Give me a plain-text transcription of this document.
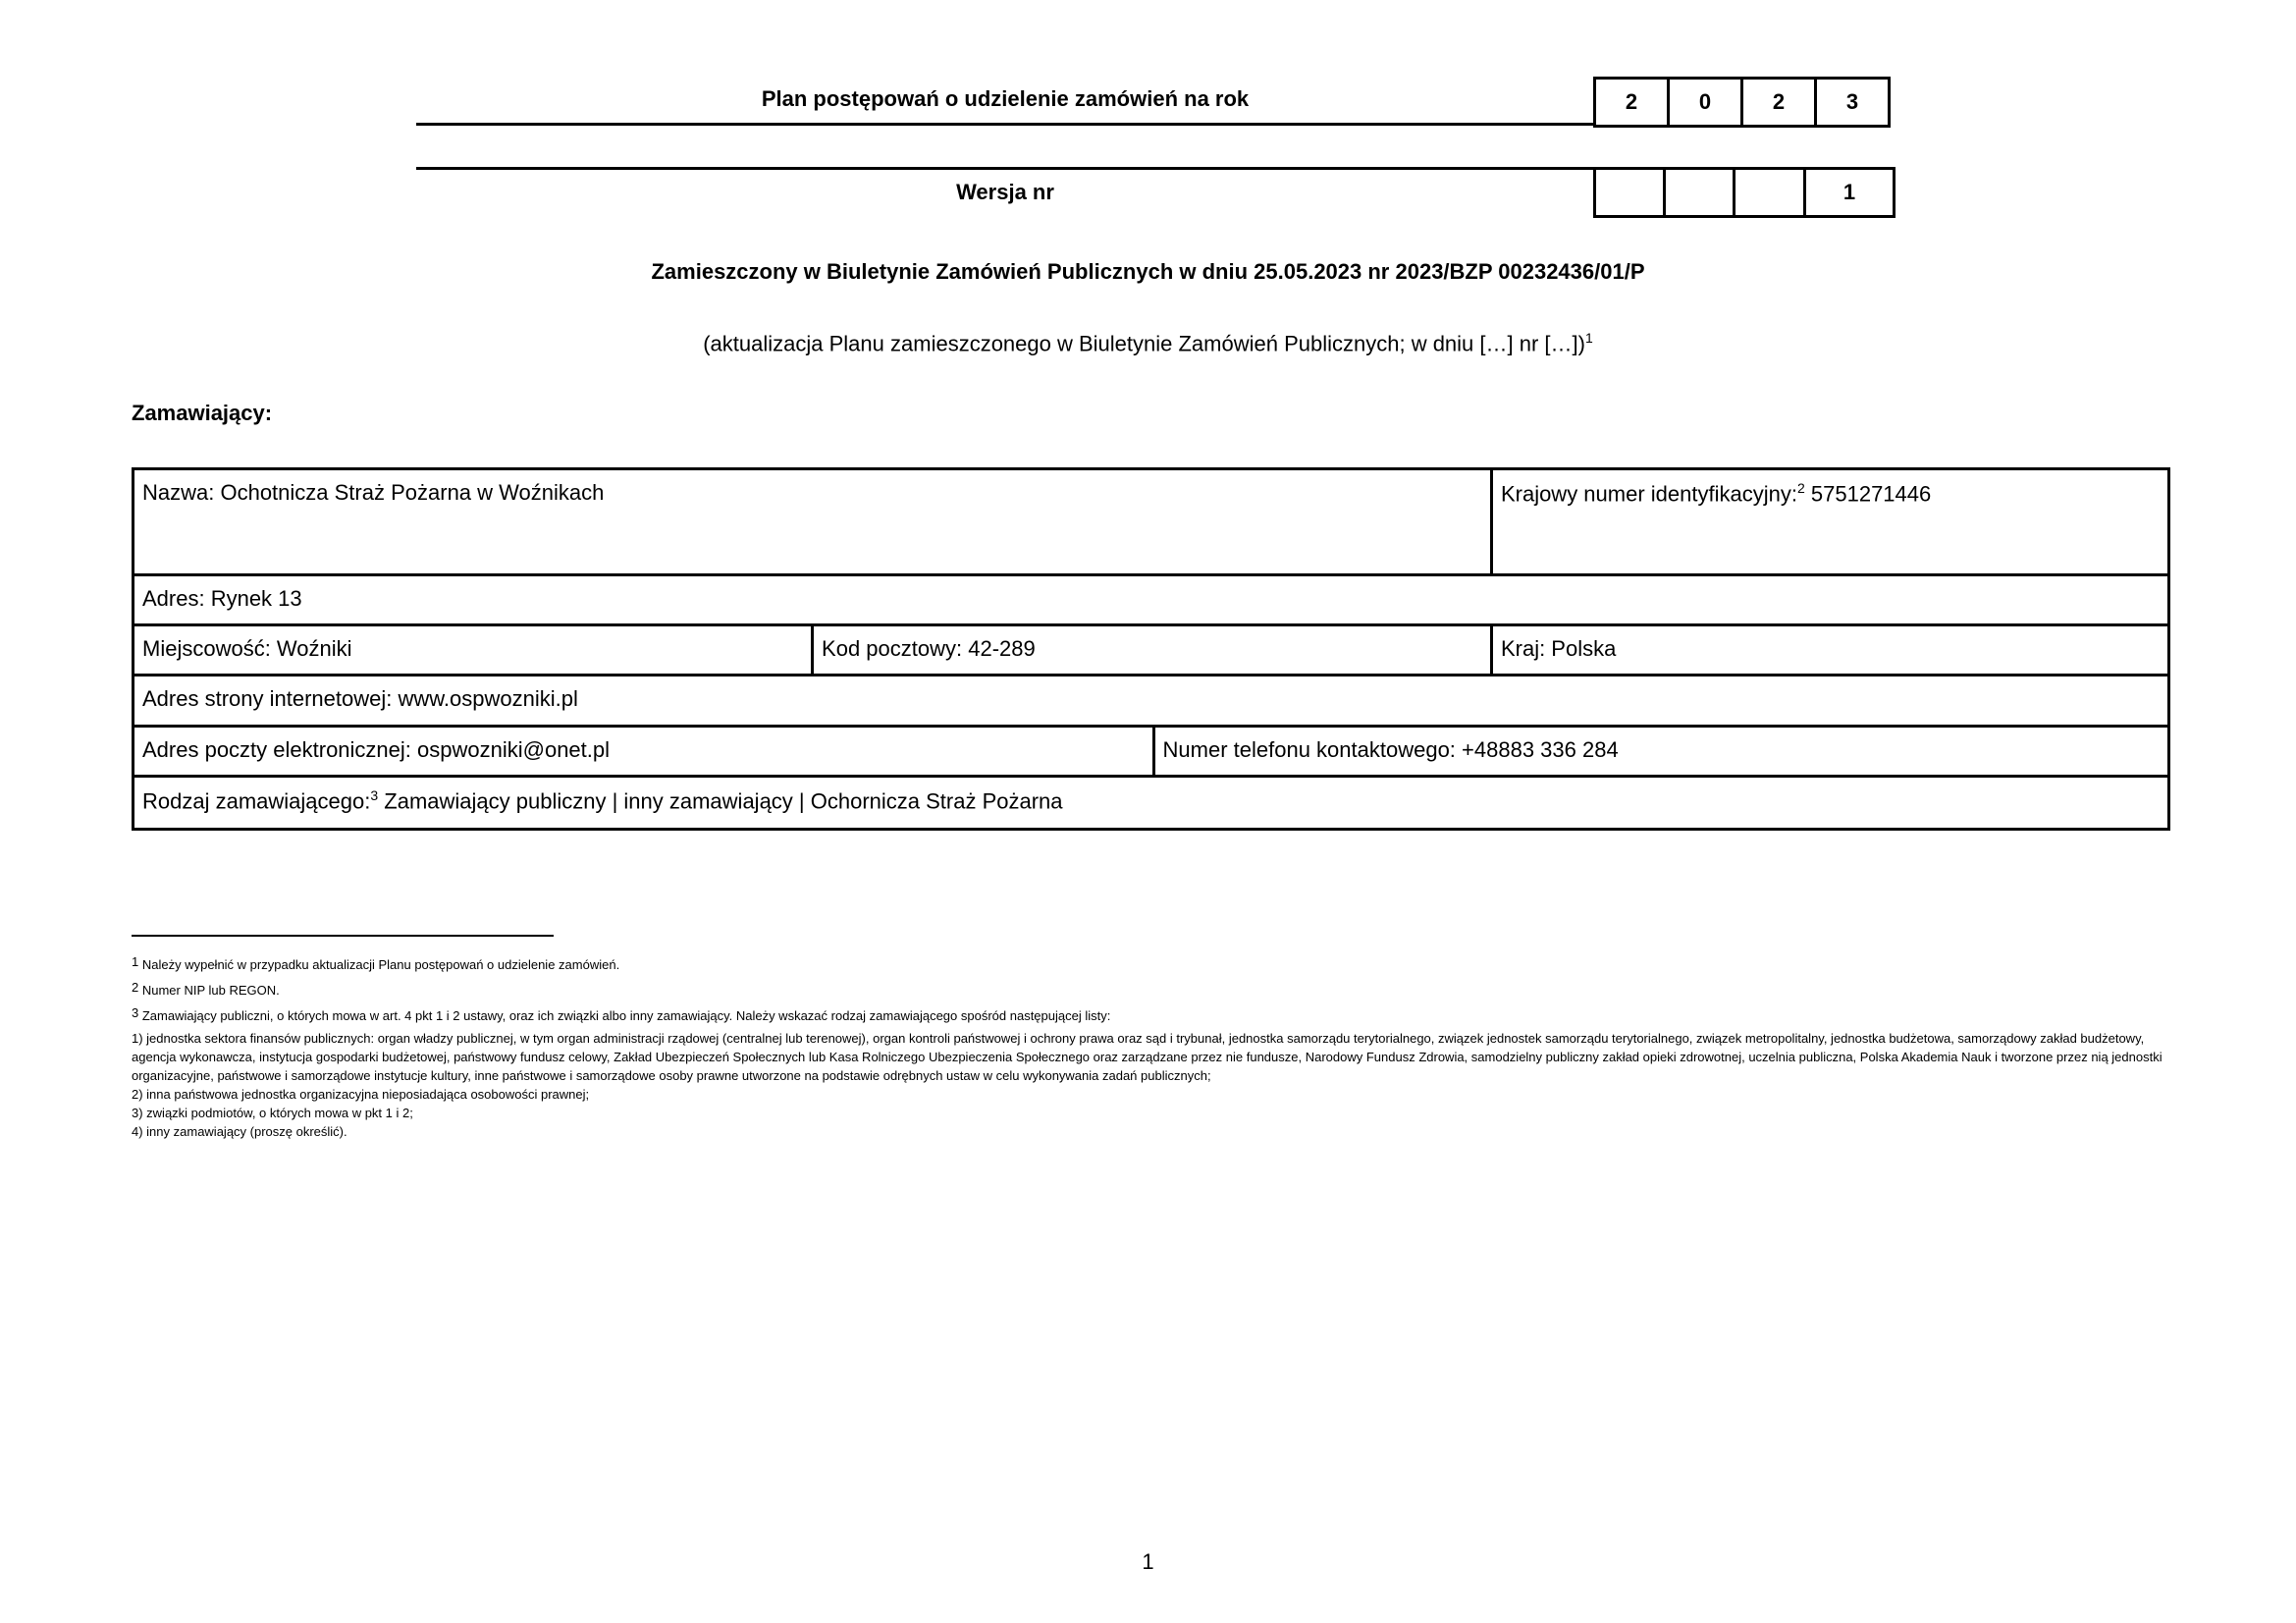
Plan postępowań o udzielenie zamówień na rok	2	0	2	3
Wersja nr	1
Zamieszczony w Biuletynie Zamówień Publicznych w dniu 25.05.2023 nr 2023/BZP 00232436/01/P
(aktualizacja Planu zamieszczonego w Biuletynie Zamówień Publicznych; w dniu […] nr […])$^1$
Zamawiający:
Nazwa: Ochotnicza Straż Pożarna w Woźnikach			Krajowy numer identyfikacyjny:$^2$ 5751271446
Adres: Rynek 13			
Miejscowość: Woźniki	Kod pocztowy: 42-289		Kraj: Polska
Adres strony internetowej: www.ospwozniki.pl			
Adres poczty elektronicznej: ospwozniki@onet.pl		Numer telefonu kontaktowego: +48883 336 284	
Rodzaj zamawiającego:$^3$ Zamawiający publiczny | inny zamawiający | Ochornicza Straż Pożarna			

$^1$ Należy wypełnić w przypadku aktualizacji Planu postępowań o udzielenie zamówień.

$^2$ Numer NIP lub REGON.

$^3$ Zamawiający publiczni, o których mowa w art. 4 pkt 1 i 2 ustawy, oraz ich związki albo inny zamawiający. Należy wskazać rodzaj zamawiającego spośród następującej listy:

1) jednostka sektora finansów publicznych: organ władzy publicznej, w tym organ administracji rządowej (centralnej lub terenowej), organ kontroli państwowej i ochrony prawa oraz sąd i trybunał, jednostka samorządu terytorialnego, związek jednostek samorządu terytorialnego, związek metropolitalny, jednostka budżetowa, samorządowy zakład budżetowy, agencja wykonawcza, instytucja gospodarki budżetowej, państwowy fundusz celowy, Zakład Ubezpieczeń Społecznych lub Kasa Rolniczego Ubezpieczenia Społecznego oraz zarządzane przez nie fundusze, Narodowy Fundusz Zdrowia, samodzielny publiczny zakład opieki zdrowotnej, uczelnia publiczna, Polska Akademia Nauk i tworzone przez nią jednostki organizacyjne, państwowe i samorządowe instytucje kultury, inne państwowe i samorządowe osoby prawne utworzone na podstawie odrębnych ustaw w celu wykonywania zadań publicznych;

2) inna państwowa jednostka organizacyjna nieposiadająca osobowości prawnej;

3) związki podmiotów, o których mowa w pkt 1 i 2;

4) inny zamawiający (proszę określić).

1
